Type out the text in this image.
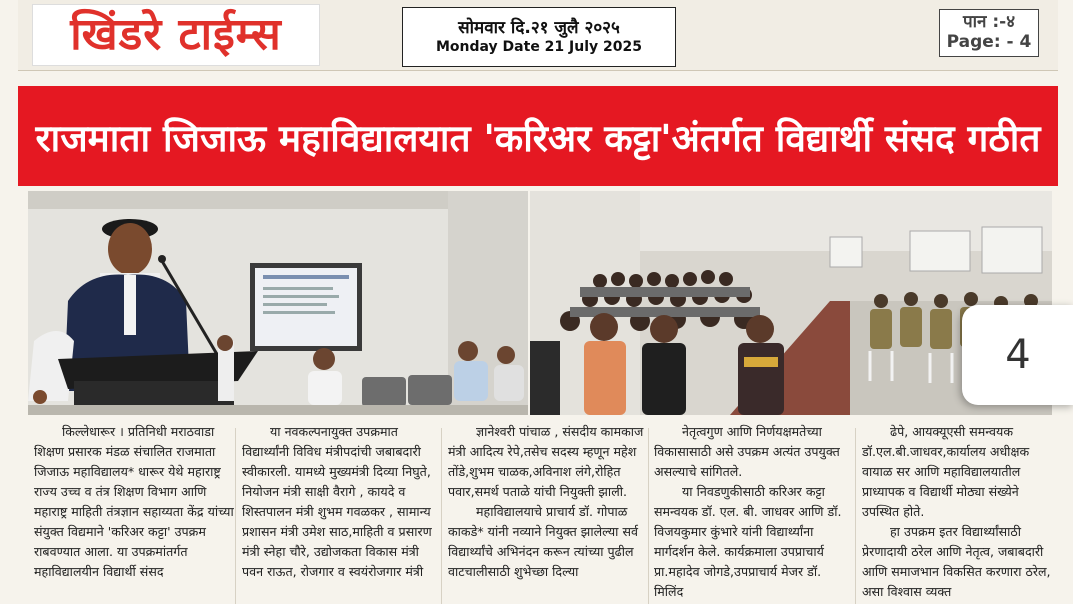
खिंडरे टाईम्स	सोमवार दि.२१ जुलै २०२५
Monday Date 21 July 2025
पान :-४
Page: - 4
राजमाता जिजाऊ महाविद्यालयात 'करिअर कट्टा'अंतर्गत विद्यार्थी संसद गठीत
4

किल्लेधारूर । प्रतिनिधी मराठवाडा शिक्षण प्रसारक मंडळ संचालित राजमाता जिजाऊ महाविद्यालय* धारूर येथे महाराष्ट्र राज्य उच्च व तंत्र शिक्षण विभाग आणि महाराष्ट्र माहिती तंत्रज्ञान सहाय्यता केंद्र यांच्या संयुक्त विद्यमाने 'करिअर कट्टा' उपक्रम राबवण्यात आला. या उपक्रमांतर्गत महाविद्यालयीन विद्यार्थी संसद

या नवकल्पनायुक्त उपक्रमात विद्यार्थ्यांनी विविध मंत्रीपदांची जबाबदारी स्वीकारली. यामध्ये मुख्यमंत्री दिव्या निघुते, नियोजन मंत्री साक्षी वैरागे , कायदे व शिस्तपालन मंत्री शुभम गवळकर , सामान्य प्रशासन मंत्री उमेश साठ,माहिती व प्रसारण मंत्री स्नेहा चौरे, उद्योजकता विकास मंत्री पवन राऊत, रोजगार व स्वयंरोजगार मंत्री

ज्ञानेश्वरी पांचाळ , संसदीय कामकाज मंत्री आदित्य रेपे,तसेच सदस्य म्हणून महेश तोंडे,शुभम चाळक,अविनाश लंगे,रोहित पवार,समर्थ पताळे यांची नियुक्ती झाली.

महाविद्यालयाचे प्राचार्य डॉ. गोपाळ काकडे* यांनी नव्याने नियुक्त झालेल्या सर्व विद्यार्थ्यांचे अभिनंदन करून त्यांच्या पुढील वाटचालीसाठी शुभेच्छा दिल्या

नेतृत्वगुण आणि निर्णयक्षमतेच्या विकासासाठी असे उपक्रम अत्यंत उपयुक्त असल्याचे सांगितले.

या निवडणुकीसाठी करिअर कट्टा समन्वयक डॉ. एल. बी. जाधवर आणि डॉ. विजयकुमार कुंभारे यांनी विद्यार्थ्यांना मार्गदर्शन केले. कार्यक्रमाला उपप्राचार्य प्रा.महादेव जोगडे,उपप्राचार्य मेजर डॉ. मिलिंद

ढेपे, आयक्यूएसी समन्वयक डॉ.एल.बी.जाधवर,कार्यालय अधीक्षक वायाळ सर आणि महाविद्यालयातील प्राध्यापक व विद्यार्थी मोठ्या संख्येने उपस्थित होते.

हा उपक्रम इतर विद्यार्थ्यांसाठी प्रेरणादायी ठरेल आणि नेतृत्व, जबाबदारी आणि समाजभान विकसित करणारा ठरेल, असा विश्वास व्यक्त
